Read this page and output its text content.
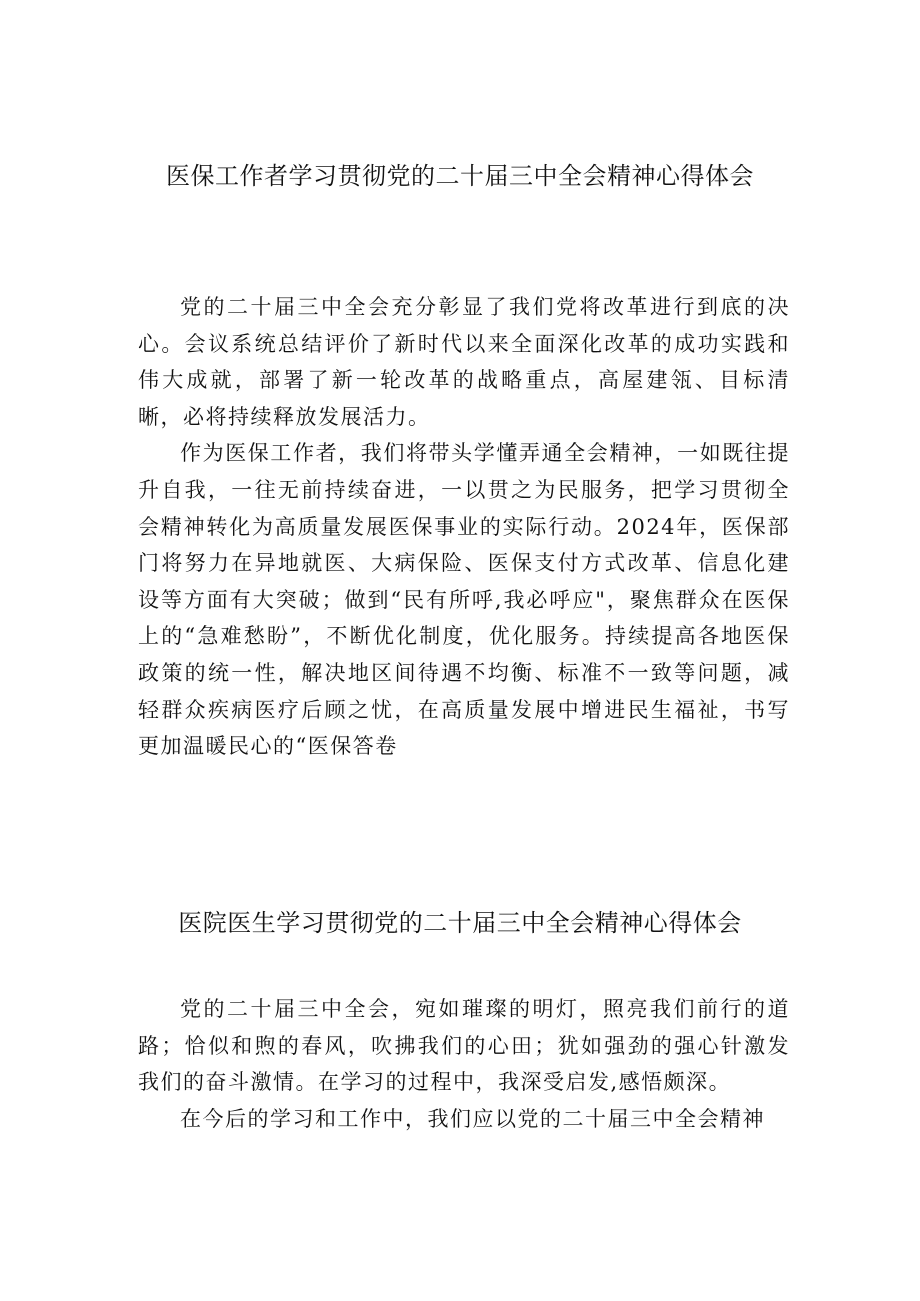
医保工作者学习贯彻党的二十届三中全会精神心得体会

党的二十届三中全会充分彰显了我们党将改革进行到底的决心。会议系统总结评价了新时代以来全面深化改革的成功实践和伟大成就，部署了新一轮改革的战略重点，高屋建瓴、目标清晰，必将持续释放发展活力。

作为医保工作者，我们将带头学懂弄通全会精神，一如既往提升自我，一往无前持续奋进，一以贯之为民服务，把学习贯彻全会精神转化为高质量发展医保事业的实际行动。2024年，医保部门将努力在异地就医、大病保险、医保支付方式改革、信息化建设等方面有大突破；做到“民有所呼,我必呼应"，聚焦群众在医保上的“急难愁盼”，不断优化制度，优化服务。持续提高各地医保政策的统一性，解决地区间待遇不均衡、标准不一致等问题，减轻群众疾病医疗后顾之忧，在高质量发展中增进民生福祉，书写更加温暖民心的“医保答卷

医院医生学习贯彻党的二十届三中全会精神心得体会

党的二十届三中全会，宛如璀璨的明灯，照亮我们前行的道路；恰似和煦的春风，吹拂我们的心田；犹如强劲的强心针激发我们的奋斗激情。在学习的过程中，我深受启发,感悟颇深。

在今后的学习和工作中，我们应以党的二十届三中全会精神
